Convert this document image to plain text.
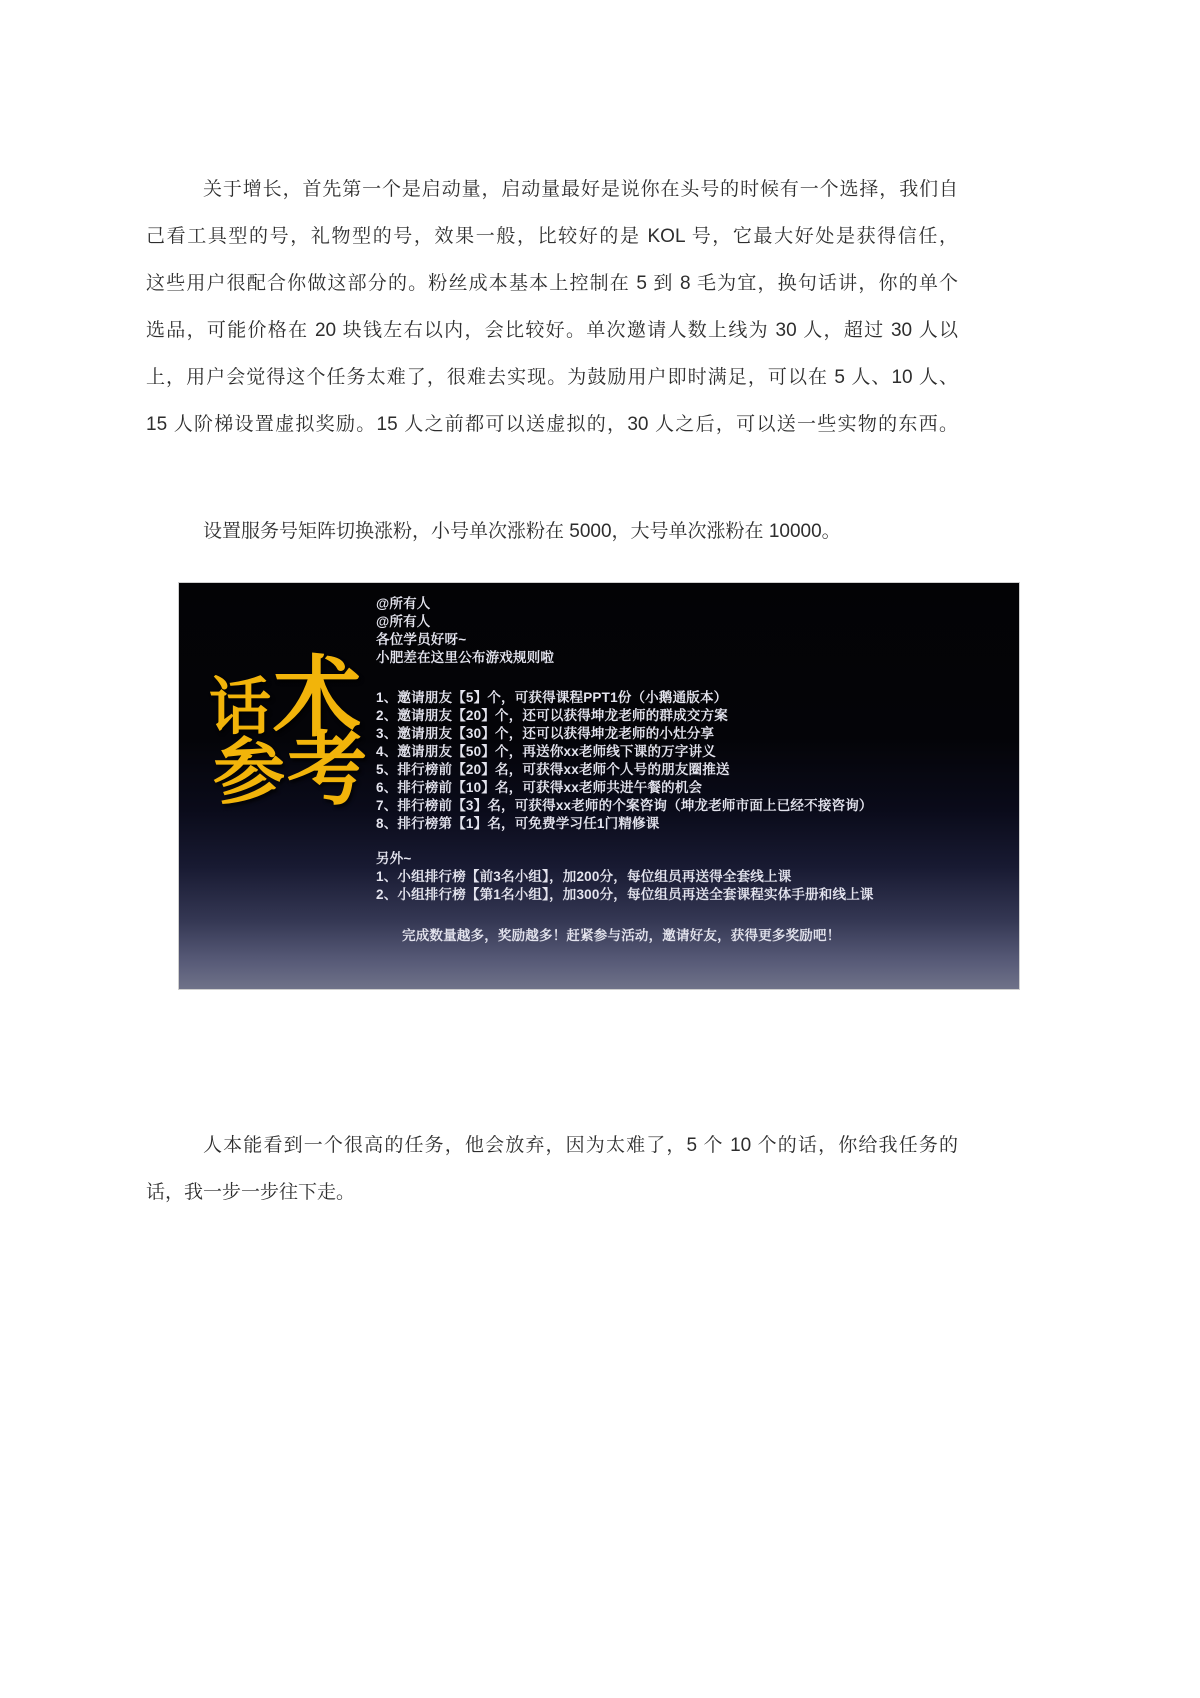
关于增长，首先第一个是启动量，启动量最好是说你在头号的时候有一个选择，我们自
己看工具型的号，礼物型的号，效果一般，比较好的是 KOL 号，它最大好处是获得信任，
这些用户很配合你做这部分的。粉丝成本基本上控制在 5 到 8 毛为宜，换句话讲，你的单个
选品，可能价格在 20 块钱左右以内，会比较好。单次邀请人数上线为 30 人，超过 30 人以
上，用户会觉得这个任务太难了，很难去实现。为鼓励用户即时满足，可以在 5 人、10 人、
15 人阶梯设置虚拟奖励。15 人之前都可以送虚拟的，30 人之后，可以送一些实物的东西。
设置服务号矩阵切换涨粉，小号单次涨粉在 5000，大号单次涨粉在 10000。
话 术
参 考
@所有人
@所有人
各位学员好呀~
小肥差在这里公布游戏规则啦
1、邀请朋友【5】个，可获得课程PPT1份（小鹅通版本）
2、邀请朋友【20】个，还可以获得坤龙老师的群成交方案
3、邀请朋友【30】个，还可以获得坤龙老师的小灶分享
4、邀请朋友【50】个，再送你xx老师线下课的万字讲义
5、排行榜前【20】名，可获得xx老师个人号的朋友圈推送
6、排行榜前【10】名，可获得xx老师共进午餐的机会
7、排行榜前【3】名，可获得xx老师的个案咨询（坤龙老师市面上已经不接咨询）
8、排行榜第【1】名，可免费学习任1门精修课
另外~
1、小组排行榜【前3名小组】，加200分，每位组员再送得全套线上课
2、小组排行榜【第1名小组】，加300分，每位组员再送全套课程实体手册和线上课
完成数量越多，奖励越多！赶紧参与活动，邀请好友，获得更多奖励吧！
人本能看到一个很高的任务，他会放弃，因为太难了，5 个 10 个的话，你给我任务的
话，我一步一步往下走。
